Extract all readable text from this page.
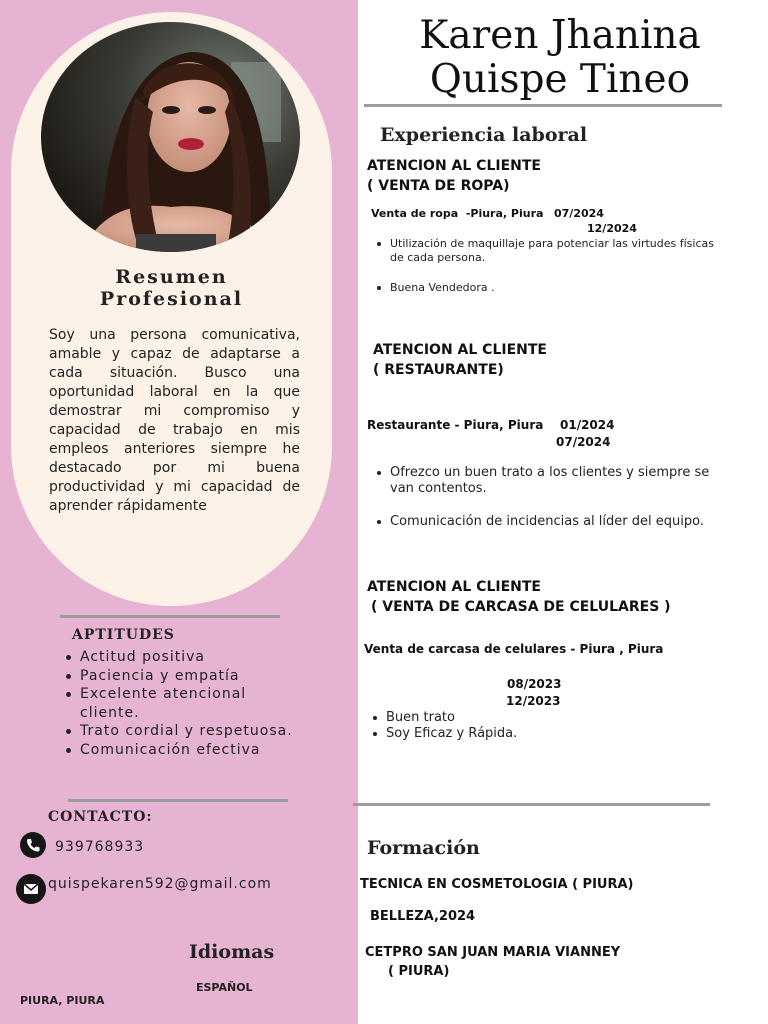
Resumen
Profesional
Soy una persona comunicativa, amable y capaz de adaptarse a cada situación. Busco una oportunidad laboral en la que demostrar mi compromiso y capacidad de trabajo en mis empleos anteriores siempre he destacado por mi buena productividad y mi capacidad de aprender rápidamente
APTITUDES
Actitud positiva
Paciencia y empatía
Excelente atencional cliente.
Trato cordial y respetuosa.
Comunicación efectiva
CONTACTO:
939768933
quispekaren592@gmail.com
Idiomas
ESPAÑOL
PIURA, PIURA
Karen Jhanina
Quispe Tineo
Experiencia laboral
ATENCION AL CLIENTE
( VENTA DE ROPA)
Venta de ropa  -Piura, Piura 07/2024
12/2024
Utilización de maquillaje para potenciar las virtudes físicas de cada persona.
Buena Vendedora .
ATENCION AL CLIENTE
( RESTAURANTE)
Restaurante - Piura, Piura 01/2024
07/2024
Ofrezco un buen trato a los clientes y siempre se van contentos.
Comunicación de incidencias al líder del equipo.
ATENCION AL CLIENTE
( VENTA DE CARCASA DE CELULARES )
Venta de carcasa de celulares - Piura , Piura
08/2023
12/2023
Buen trato
Soy Eficaz y Rápida.
Formación
TECNICA EN COSMETOLOGIA ( PIURA)
BELLEZA,2024
CETPRO SAN JUAN MARIA VIANNEY
( PIURA)
